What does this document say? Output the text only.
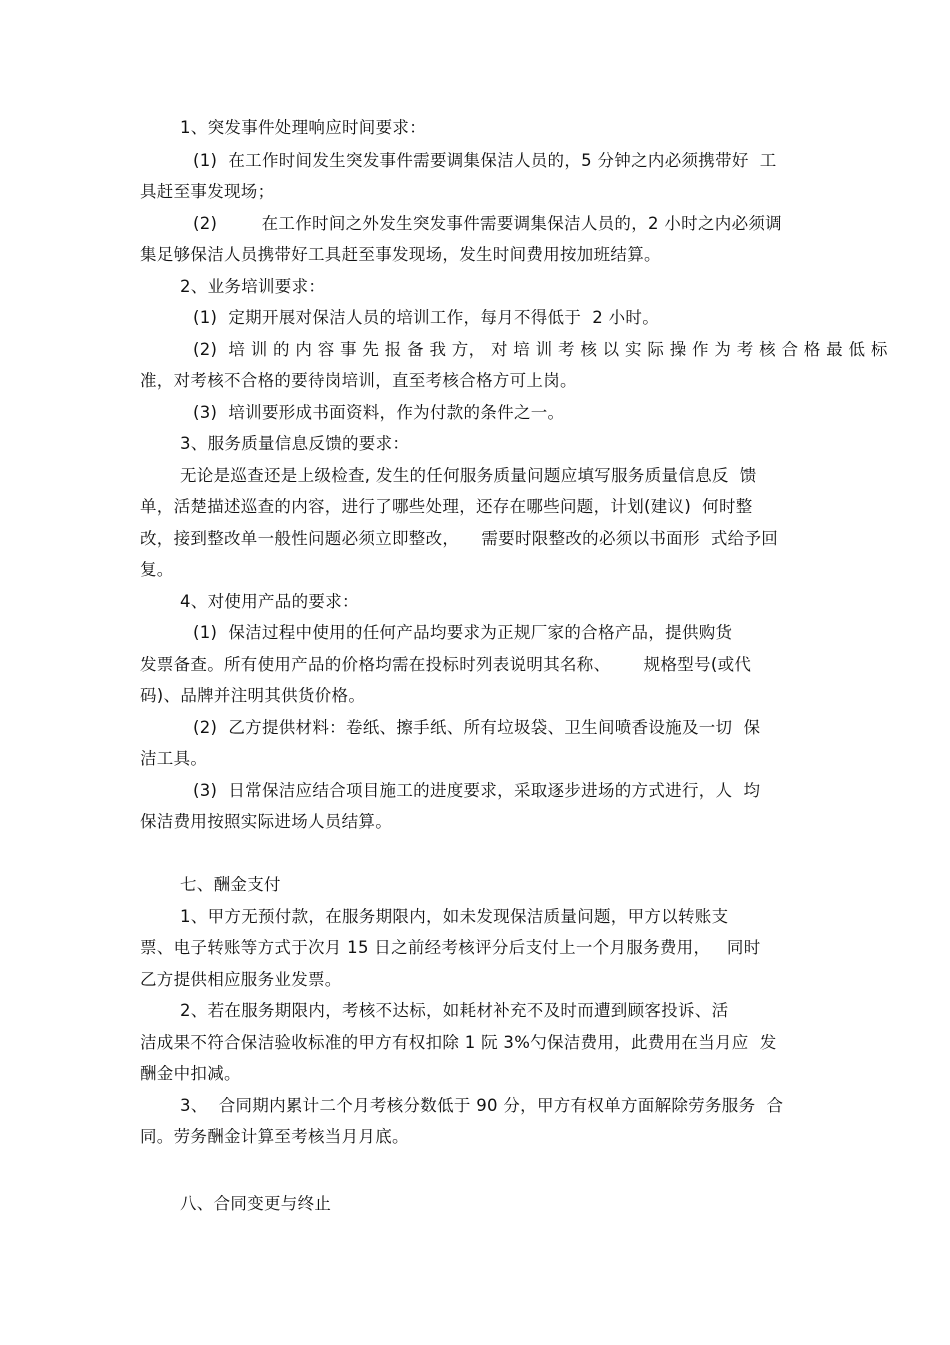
1、突发事件处理响应时间要求：
(1)  在工作时间发生突发事件需要调集保洁人员的，5 分钟之内必须携带好  工
具赶至事发现场；
(2)        在工作时间之外发生突发事件需要调集保洁人员的，2 小时之内必须调
集足够保洁人员携带好工具赶至事发现场，发生时间费用按加班结算。
2、业务培训要求：
(1)  定期开展对保洁人员的培训工作，每月不得低于  2 小时。
(2)  培 训 的 内 容 事 先 报 备 我 方， 对 培 训 考 核 以 实 际 操 作 为 考 核 合 格 最 低 标
准，对考核不合格的要待岗培训，直至考核合格方可上岗。
(3)  培训要形成书面资料，作为付款的条件之一。
3、服务质量信息反馈的要求：
无论是巡查还是上级检查, 发生的任何服务质量问题应填写服务质量信息反  馈
单，活楚描述巡查的内容，进行了哪些处理，还存在哪些问题，计划(建议)  何时整
改，接到整改单一般性问题必须立即整改，    需要时限整改的必须以书面形  式给予回
复。
4、对使用产品的要求：
(1)  保洁过程中使用的任何产品均要求为正规厂家的合格产品，提供购货
发票备查。所有使用产品的价格均需在投标时列表说明其名称、      规格型号(或代
码)、品牌并注明其供货价格。
(2)  乙方提供材料：卷纸、擦手纸、所有垃圾袋、卫生间喷香设施及一切  保
洁工具。
(3)  日常保洁应结合项目施工的进度要求，采取逐步进场的方式进行，人  均
保洁费用按照实际进场人员结算。
七、酬金支付
1、甲方无预付款，在服务期限内，如未发现保洁质量问题，甲方以转账支
票、电子转账等方式于次月 15 日之前经考核评分后支付上一个月服务费用，   同时
乙方提供相应服务业发票。
2、若在服务期限内，考核不达标，如耗材补充不及时而遭到顾客投诉、活
洁成果不符合保洁验收标准的甲方有权扣除 1 阮 3%勺保洁费用，此费用在当月应  发
酬金中扣减。
3、  合同期内累计二个月考核分数低于 90 分，甲方有权单方面解除劳务服务  合
同。劳务酬金计算至考核当月月底。
八、合同变更与终止
